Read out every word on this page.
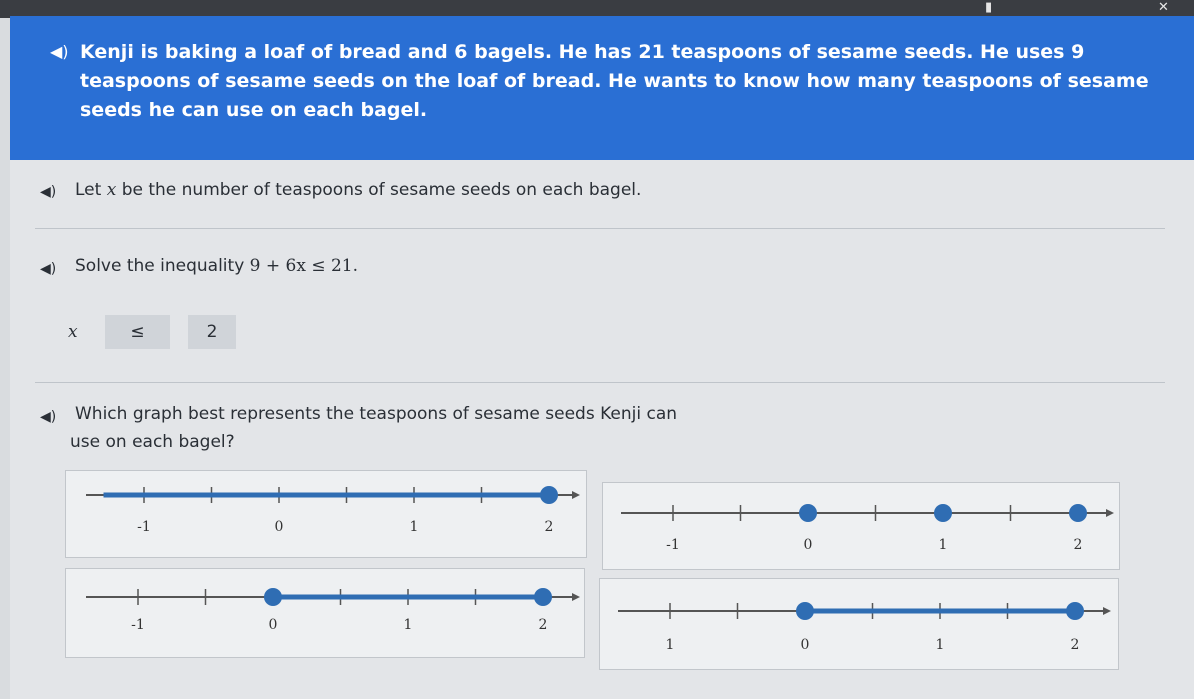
▮	✕
◀) Kenji is baking a loaf of bread and 6 bagels. He has 21 teaspoons of sesame seeds. He uses 9 teaspoons of sesame seeds on the loaf of bread. He wants to know how many teaspoons of sesame seeds he can use on each bagel.
◀) Let x be the number of teaspoons of sesame seeds on each bagel.
◀) Solve the inequality 9 + 6x ≤ 21.
x	≤	2
◀) Which graph best represents the teaspoons of sesame seeds Kenji can
use on each bagel?
-1	0	1	2
-1	0	1	2
-1	0	1	2
1	0	1	2
